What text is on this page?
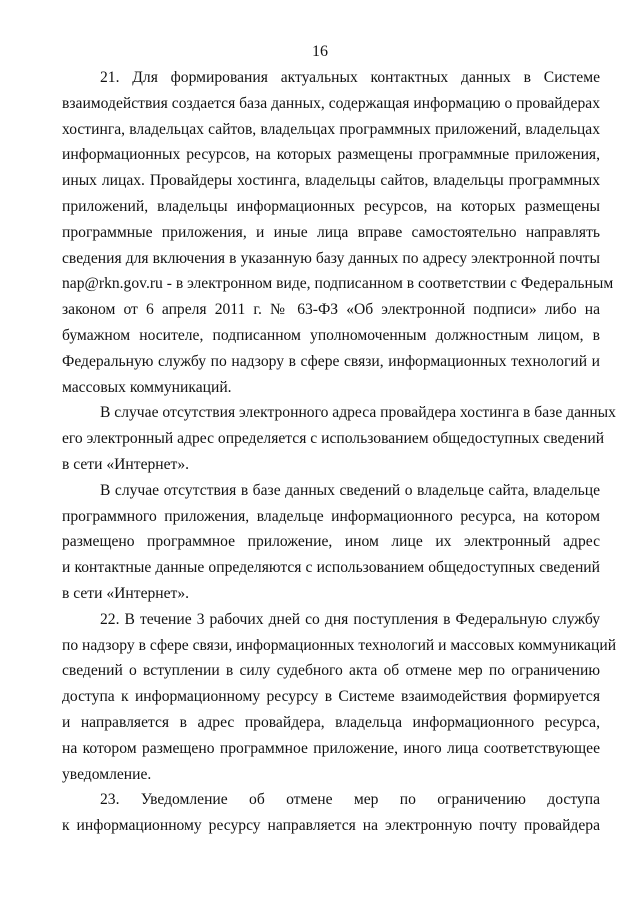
16

21. Для формирования актуальных контактных данных в Системе
взаимодействия создается база данных, содержащая информацию о провайдерах
хостинга, владельцах сайтов, владельцах программных приложений, владельцах
информационных ресурсов, на которых размещены программные приложения,
иных лицах. Провайдеры хостинга, владельцы сайтов, владельцы программных
приложений, владельцы информационных ресурсов, на которых размещены
программные приложения, и иные лица вправе самостоятельно направлять
сведения для включения в указанную базу данных по адресу электронной почты
nap@rkn.gov.ru - в электронном виде, подписанном в соответствии с Федеральным
законом от 6 апреля 2011 г. № 63-ФЗ «Об электронной подписи» либо на
бумажном носителе, подписанном уполномоченным должностным лицом, в
Федеральную службу по надзору в сфере связи, информационных технологий и
массовых коммуникаций.

В случае отсутствия электронного адреса провайдера хостинга в базе данных
его электронный адрес определяется с использованием общедоступных сведений
в сети «Интернет».

В случае отсутствия в базе данных сведений о владельце сайта, владельце
программного приложения, владельце информационного ресурса, на котором
размещено программное приложение, ином лице их электронный адрес
и контактные данные определяются с использованием общедоступных сведений
в сети «Интернет».

22. В течение 3 рабочих дней со дня поступления в Федеральную службу
по надзору в сфере связи, информационных технологий и массовых коммуникаций
сведений о вступлении в силу судебного акта об отмене мер по ограничению
доступа к информационному ресурсу в Системе взаимодействия формируется
и направляется в адрес провайдера, владельца информационного ресурса,
на котором размещено программное приложение, иного лица соответствующее
уведомление.

23. Уведомление об отмене мер по ограничению доступа
к информационному ресурсу направляется на электронную почту провайдера
